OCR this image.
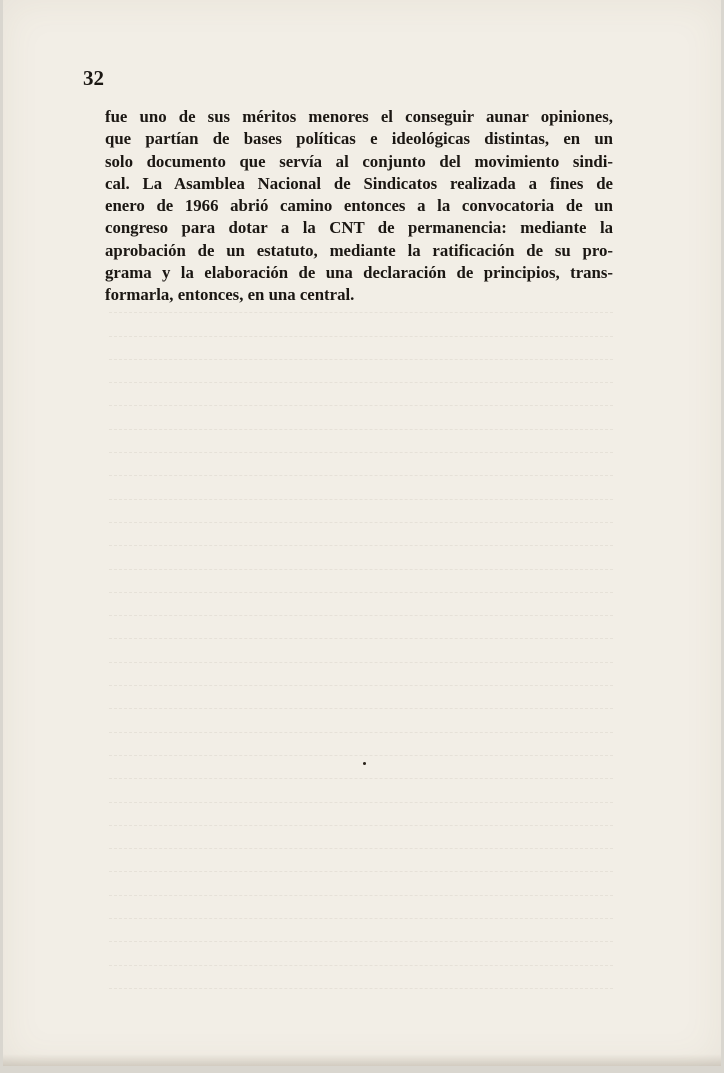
32
fue uno de sus méritos menores el conseguir aunar opiniones,
que partían de bases políticas e ideológicas distintas, en un
solo documento que servía al conjunto del movimiento sindi-
cal. La Asamblea Nacional de Sindicatos realizada a fines de
enero de 1966 abrió camino entonces a la convocatoria de un
congreso para dotar a la CNT de permanencia: mediante la
aprobación de un estatuto, mediante la ratificación de su pro-
grama y la elaboración de una declaración de principios, trans-
formarla, entonces, en una central.
